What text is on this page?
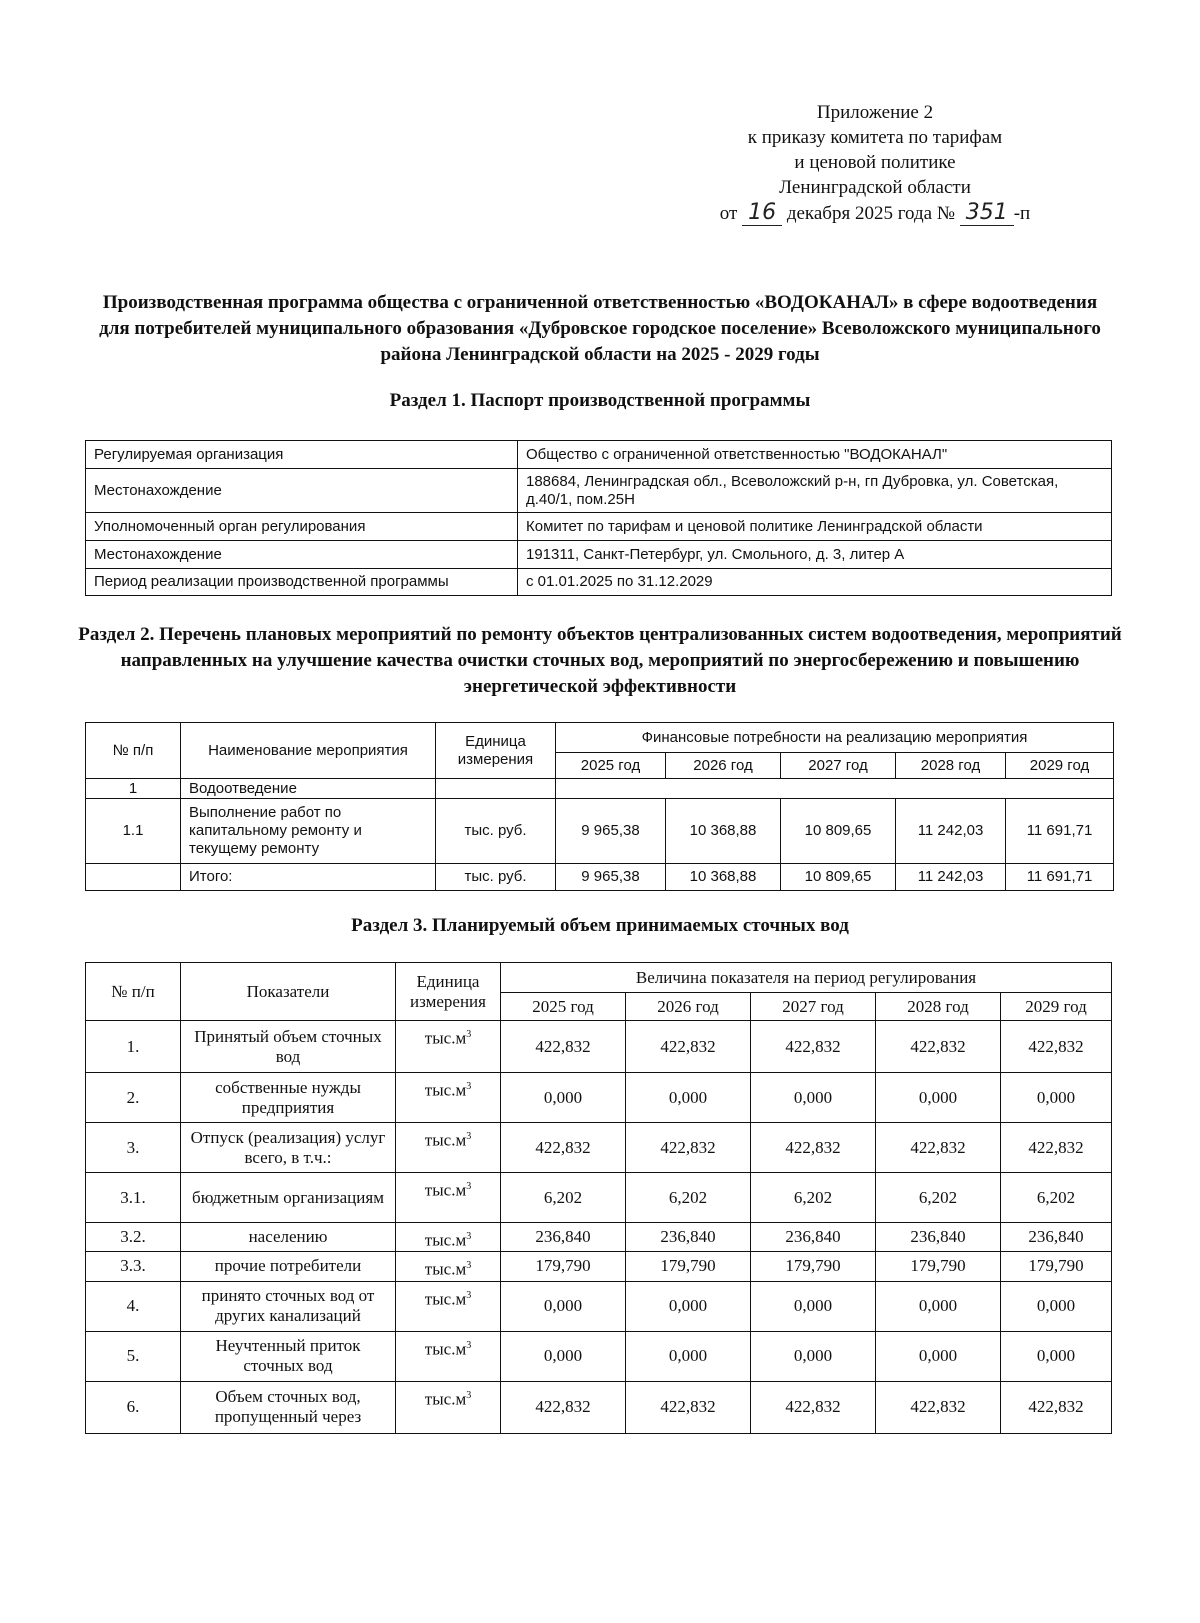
Приложение 2
к приказу комитета по тарифам
и ценовой политике
Ленинградской области
от 16 декабря 2025 года № 351 -п
Производственная программа общества с ограниченной ответственностью «ВОДОКАНАЛ» в сфере водоотведения для потребителей муниципального образования «Дубровское городское поселение» Всеволожского муниципального района Ленинградской области на 2025 - 2029 годы
Раздел 1. Паспорт производственной программы
Регулируемая организация	Общество с ограниченной ответственностью "ВОДОКАНАЛ"
Местонахождение	188684, Ленинградская обл., Всеволожский р-н, гп Дубровка, ул. Советская, д.40/1, пом.25Н
Уполномоченный орган регулирования	Комитет по тарифам и ценовой политике Ленинградской области
Местонахождение	191311, Санкт-Петербург, ул. Смольного, д. 3, литер А
Период реализации производственной программы	с 01.01.2025 по 31.12.2029
Раздел 2. Перечень плановых мероприятий по ремонту объектов централизованных систем водоотведения, мероприятий направленных на улучшение качества очистки сточных вод, мероприятий по энергосбережению и повышению энергетической эффективности
№ п/п	Наименование мероприятия	Единица измерения	Финансовые потребности на реализацию мероприятия				
			2025 год	2026 год	2027 год	2028 год	2029 год
1	Водоотведение						
1.1	Выполнение работ по капитальному ремонту и текущему ремонту	тыс. руб.	9 965,38	10 368,88	10 809,65	11 242,03	11 691,71
	Итого:	тыс. руб.	9 965,38	10 368,88	10 809,65	11 242,03	11 691,71
Раздел 3. Планируемый объем принимаемых сточных вод
№ п/п	Показатели	Единица измерения	Величина показателя на период регулирования				
			2025 год	2026 год	2027 год	2028 год	2029 год
1.	Принятый объем сточных вод	$тыс.м^3$	422,832	422,832	422,832	422,832	422,832
2.	собственные нужды предприятия	$тыс.м^3$	0,000	0,000	0,000	0,000	0,000
3.	Отпуск (реализация) услуг всего, в т.ч.:	$тыс.м^3$	422,832	422,832	422,832	422,832	422,832
3.1.	бюджетным организациям	$тыс.м^3$	6,202	6,202	6,202	6,202	6,202
3.2.	населению	$тыс.м^3$	236,840	236,840	236,840	236,840	236,840
3.3.	прочие потребители	$тыс.м^3$	179,790	179,790	179,790	179,790	179,790
4.	принято сточных вод от других канализаций	$тыс.м^3$	0,000	0,000	0,000	0,000	0,000
5.	Неучтенный приток сточных вод	$тыс.м^3$	0,000	0,000	0,000	0,000	0,000
6.	Объем сточных вод, пропущенный через	$тыс.м^3$	422,832	422,832	422,832	422,832	422,832
